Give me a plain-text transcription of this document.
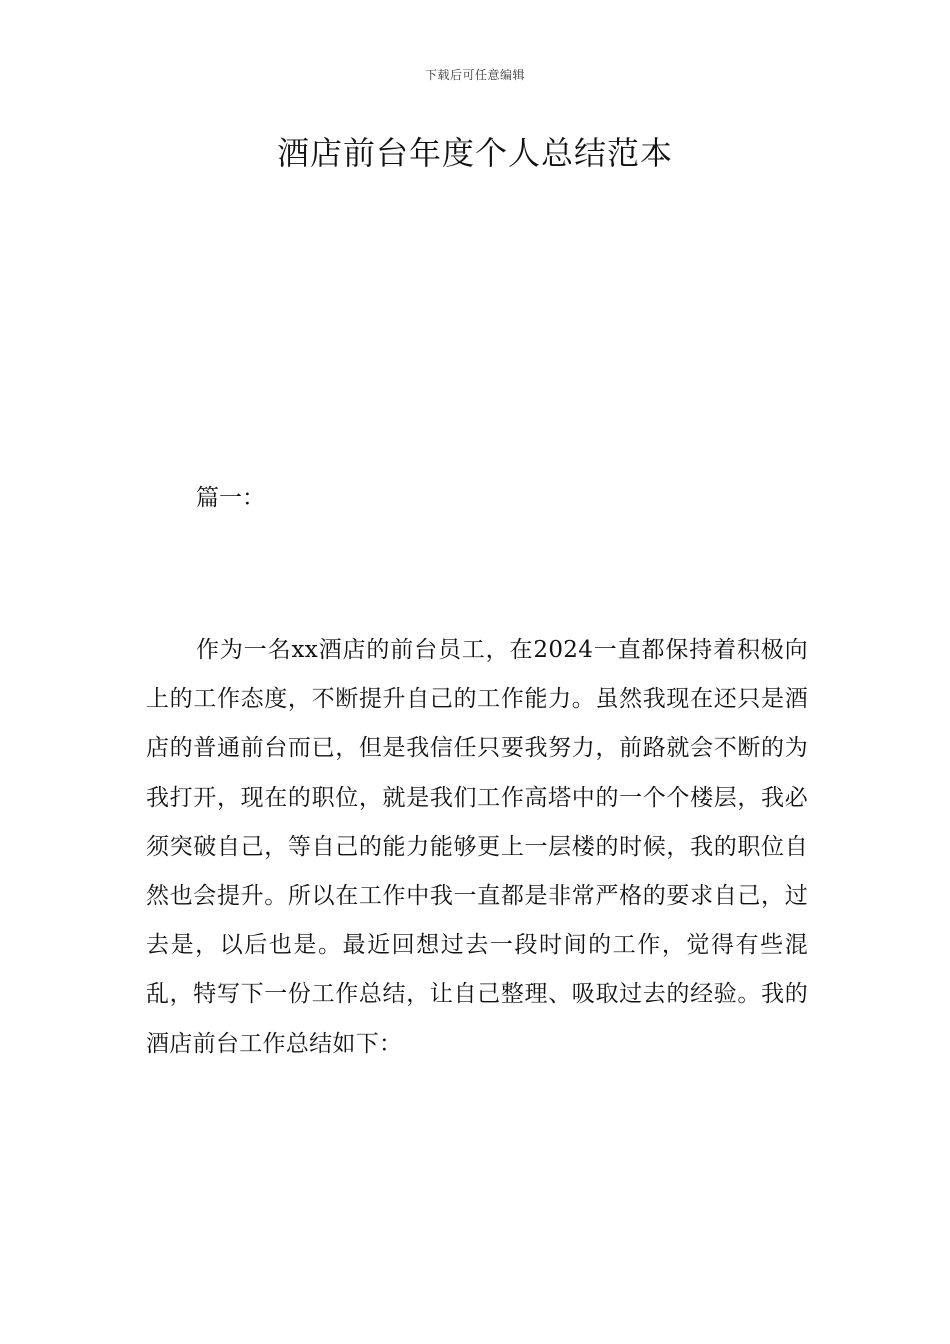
下载后可任意编辑
酒店前台年度个人总结范本
篇一：

作为一名xx酒店的前台员工，在2024一直都保持着积极向上的工作态度，不断提升自己的工作能力。虽然我现在还只是酒店的普通前台而已，但是我信任只要我努力，前路就会不断的为我打开，现在的职位，就是我们工作高塔中的一个个楼层，我必须突破自己，等自己的能力能够更上一层楼的时候，我的职位自然也会提升。所以在工作中我一直都是非常严格的要求自己，过去是，以后也是。最近回想过去一段时间的工作，觉得有些混乱，特写下一份工作总结，让自己整理、吸取过去的经验。我的酒店前台工作总结如下：
